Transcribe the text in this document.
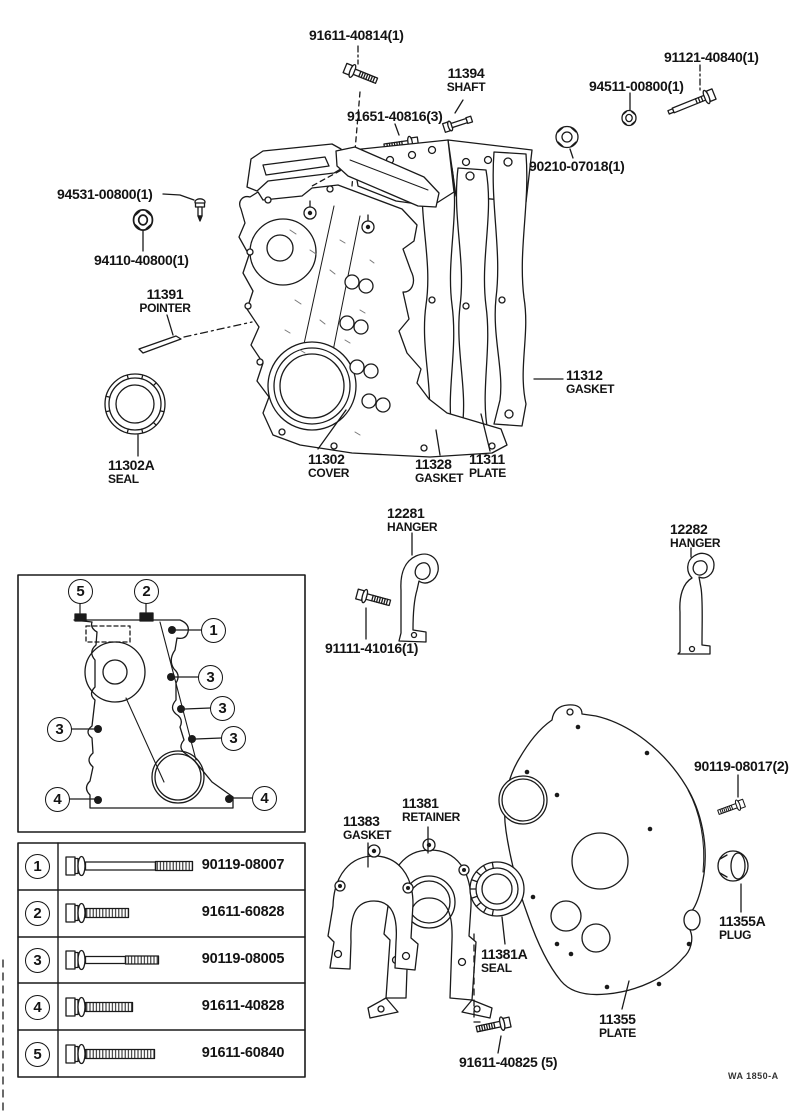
91611-40814(1)
11394
SHAFT
91651-40816(3)
94511-00800(1)
91121-40840(1)
90210-07018(1)
94531-00800(1)
94110-40800(1)
11391
POINTER
11302A
SEAL
11302
COVER
11328
GASKET
11311
PLATE
11312
GASKET
12281
HANGER
91111-41016(1)
12282
HANGER
90119-08017(2)
11383
GASKET
11381
RETAINER
11381A
SEAL
11355A
PLUG
11355
PLATE
91611-40825 (5)
5	2
1
3
3
3
3
4	4
1
2
3
4
5
90119-08007
91611-60828
90119-08005
91611-40828
91611-60840
WA 1850-A
